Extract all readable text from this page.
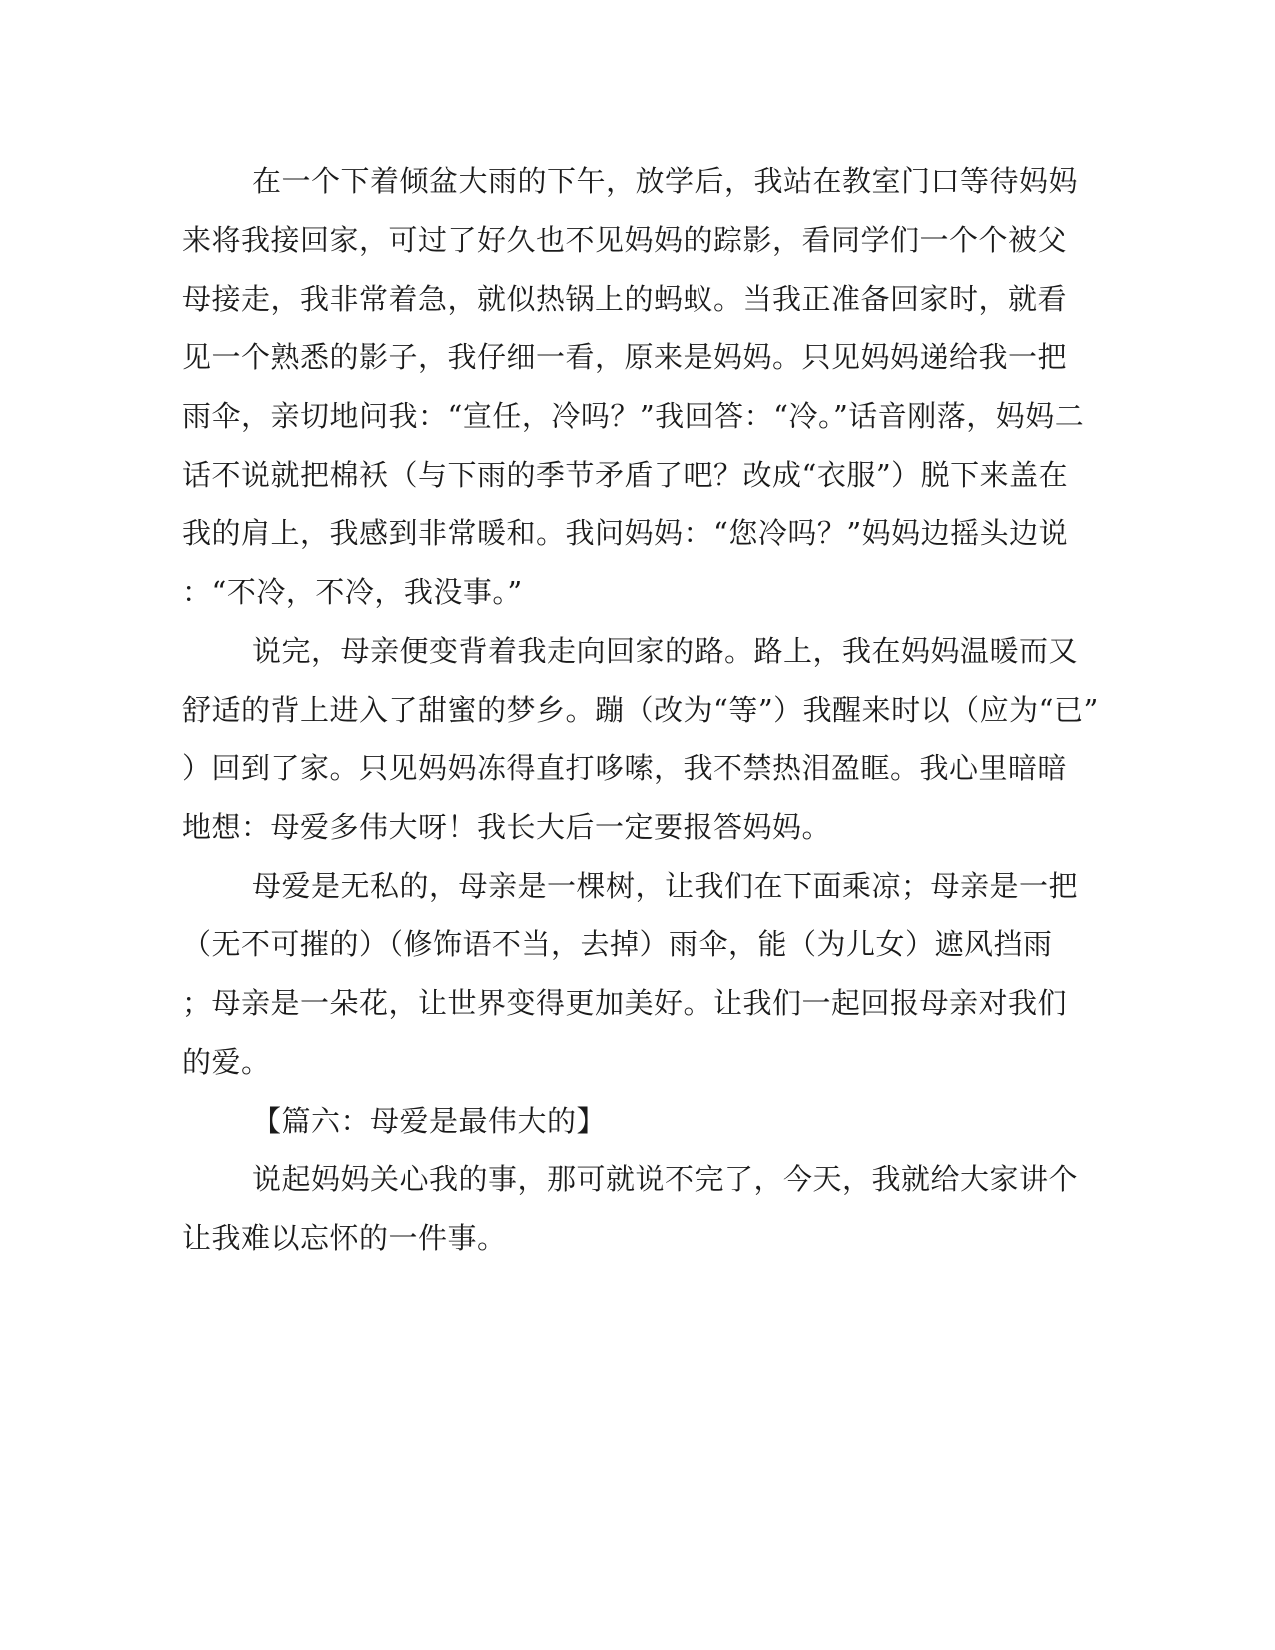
在一个下着倾盆大雨的下午，放学后，我站在教室门口等待妈妈
来将我接回家，可过了好久也不见妈妈的踪影，看同学们一个个被父
母接走，我非常着急，就似热锅上的蚂蚁。当我正准备回家时，就看
见一个熟悉的影子，我仔细一看，原来是妈妈。只见妈妈递给我一把
雨伞，亲切地问我：“宣任，冷吗？”我回答：“冷。”话音刚落，妈妈二
话不说就把棉袄（与下雨的季节矛盾了吧？改成“衣服”）脱下来盖在
我的肩上，我感到非常暖和。我问妈妈：“您冷吗？”妈妈边摇头边说
：“不冷，不冷，我没事。”
说完，母亲便变背着我走向回家的路。路上，我在妈妈温暖而又
舒适的背上进入了甜蜜的梦乡。蹦（改为“等”）我醒来时以（应为“已”
）回到了家。只见妈妈冻得直打哆嗦，我不禁热泪盈眶。我心里暗暗
地想：母爱多伟大呀！我长大后一定要报答妈妈。
母爱是无私的，母亲是一棵树，让我们在下面乘凉；母亲是一把
（无不可摧的）（修饰语不当，去掉）雨伞，能（为儿女）遮风挡雨
；母亲是一朵花，让世界变得更加美好。让我们一起回报母亲对我们
的爱。
【篇六：母爱是最伟大的】
说起妈妈关心我的事，那可就说不完了，今天，我就给大家讲个
让我难以忘怀的一件事。
